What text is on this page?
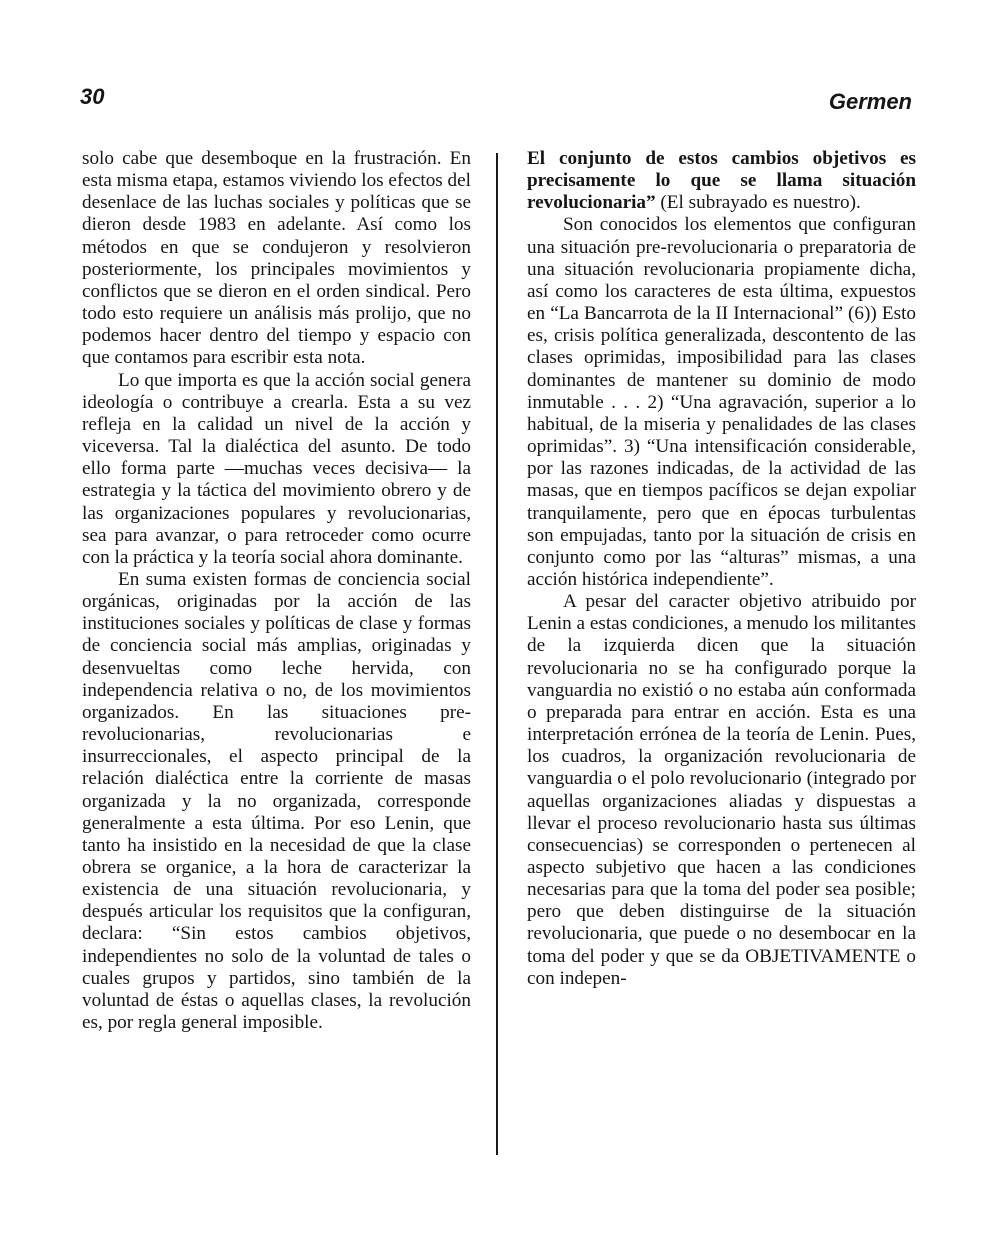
30	Germen

solo cabe que desemboque en la frustración. En esta misma etapa, estamos viviendo los efectos del desenlace de las luchas sociales y políticas que se dieron desde 1983 en adelante. Así como los métodos en que se condujeron y resolvieron posteriormente, los principales movimientos y conflictos que se dieron en el orden sindical. Pero todo esto requiere un análisis más prolijo, que no podemos hacer dentro del tiempo y espacio con que contamos para escribir esta nota.

Lo que importa es que la acción social genera ideología o contribuye a crearla. Esta a su vez refleja en la calidad un nivel de la acción y viceversa. Tal la dialéctica del asunto. De todo ello forma parte —muchas veces decisiva— la estrategia y la táctica del movimiento obrero y de las organizaciones populares y revolucionarias, sea para avanzar, o para retroceder como ocurre con la práctica y la teoría social ahora dominante.

En suma existen formas de conciencia social orgánicas, originadas por la acción de las instituciones sociales y políticas de clase y formas de conciencia social más amplias, originadas y desenvueltas como leche hervida, con independencia relativa o no, de los movimientos organizados. En las situaciones pre-revolucionarias, revolucionarias e insurreccionales, el aspecto principal de la relación dialéctica entre la corriente de masas organizada y la no organizada, corresponde generalmente a esta última. Por eso Lenin, que tanto ha insistido en la necesidad de que la clase obrera se organice, a la hora de caracterizar la existencia de una situación revolucionaria, y después articular los requisitos que la configuran, declara: “Sin estos cambios objetivos, independientes no solo de la voluntad de tales o cuales grupos y partidos, sino también de la voluntad de éstas o aquellas clases, la revolución es, por regla general imposible.

El conjunto de estos cambios objetivos es precisamente lo que se llama situación revolucionaria” (El subrayado es nuestro).

Son conocidos los elementos que configuran una situación pre-revolucionaria o preparatoria de una situación revolucionaria propiamente dicha, así como los caracteres de esta última, expuestos en “La Bancarrota de la II Internacional” (6)) Esto es, crisis política generalizada, descontento de las clases oprimidas, imposibilidad para las clases dominantes de mantener su dominio de modo inmutable . . . 2) “Una agravación, superior a lo habitual, de la miseria y penalidades de las clases oprimidas”. 3) “Una intensificación considerable, por las razones indicadas, de la actividad de las masas, que en tiempos pacíficos se dejan expoliar tranquilamente, pero que en épocas turbulentas son empujadas, tanto por la situación de crisis en conjunto como por las “alturas” mismas, a una acción histórica independiente”.

A pesar del caracter objetivo atribuido por Lenin a estas condiciones, a menudo los militantes de la izquierda dicen que la situación revolucionaria no se ha configurado porque la vanguardia no existió o no estaba aún conformada o preparada para entrar en acción. Esta es una interpretación errónea de la teoría de Lenin. Pues, los cuadros, la organización revolucionaria de vanguardia o el polo revolucionario (integrado por aquellas organizaciones aliadas y dispuestas a llevar el proceso revolucionario hasta sus últimas consecuencias) se corresponden o pertenecen al aspecto subjetivo que hacen a las condiciones necesarias para que la toma del poder sea posible; pero que deben distinguirse de la situación revolucionaria, que puede o no desembocar en la toma del poder y que se da OBJETIVAMENTE o con indepen-
